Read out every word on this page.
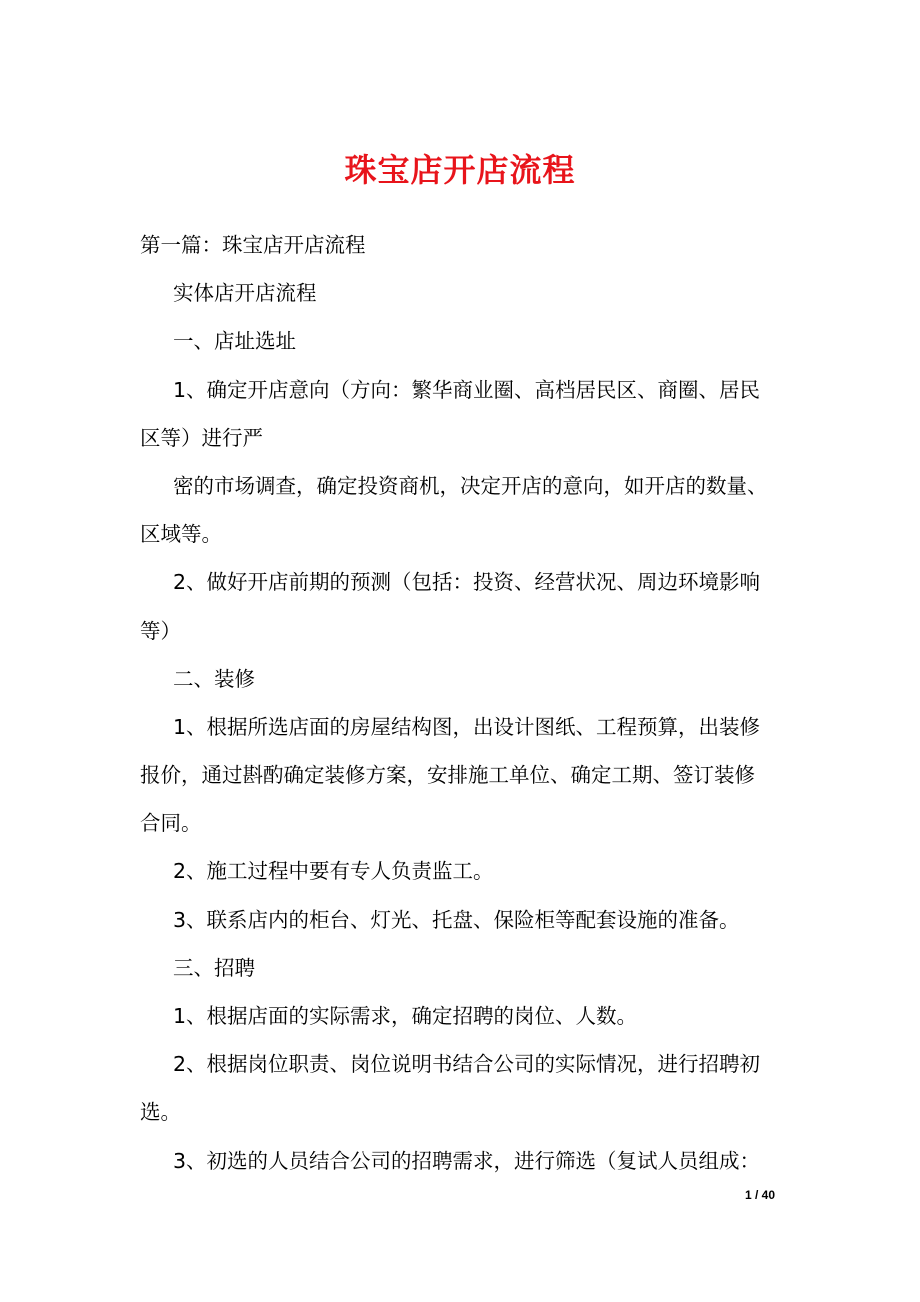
珠宝店开店流程
第一篇：珠宝店开店流程
实体店开店流程
一、店址选址
1、确定开店意向（方向：繁华商业圈、高档居民区、商圈、居民
区等）进行严
密的市场调查，确定投资商机，决定开店的意向，如开店的数量、
区域等。
2、做好开店前期的预测（包括：投资、经营状况、周边环境影响
等）
二、装修
1、根据所选店面的房屋结构图，出设计图纸、工程预算，出装修
报价，通过斟酌确定装修方案，安排施工单位、确定工期、签订装修
合同。
2、施工过程中要有专人负责监工。
3、联系店内的柜台、灯光、托盘、保险柜等配套设施的准备。
三、招聘
1、根据店面的实际需求，确定招聘的岗位、人数。
2、根据岗位职责、岗位说明书结合公司的实际情况，进行招聘初
选。
3、初选的人员结合公司的招聘需求，进行筛选（复试人员组成：
1 / 40
